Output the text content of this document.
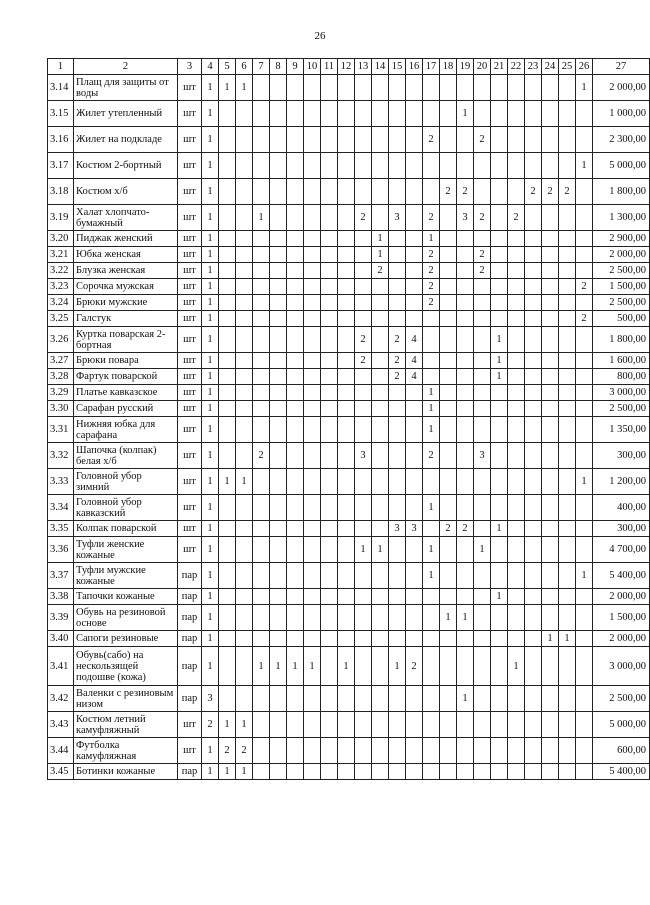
26
1	2	3	4	5	6	7	8	9	10	11	12	13	14	15	16	17	18	19	20	21	22	23	24	25	26	27
3.14	Плащ для защиты от воды	шт	1	1	1																				1	2 000,00
3.15	Жилет утепленный	шт	1															1								1 000,00
3.16	Жилет на подкладе	шт	1													2			2							2 300,00
3.17	Костюм 2-бортный	шт	1																						1	5 000,00
3.18	Костюм х/б	шт	1														2	2				2	2	2		1 800,00
3.19	Халат хлопчато-бумажный	шт	1			1						2		3		2		3	2		2					1 300,00
3.20	Пиджак женский	шт	1										1			1										2 900,00
3.21	Юбка женская	шт	1										1			2			2							2 000,00
3.22	Блузка женская	шт	1										2			2			2							2 500,00
3.23	Сорочка мужская	шт	1													2									2	1 500,00
3.24	Брюки мужские	шт	1													2										2 500,00
3.25	Галстук	шт	1																						2	500,00
3.26	Куртка поварская 2-бортная	шт	1									2		2	4					1						1 800,00
3.27	Брюки повара	шт	1									2		2	4					1						1 600,00
3.28	Фартук поварской	шт	1											2	4					1						800,00
3.29	Платье кавказское	шт	1													1										3 000,00
3.30	Сарафан русский	шт	1													1										2 500,00
3.31	Нижняя юбка для сарафана	шт	1													1										1 350,00
3.32	Шапочка (колпак) белая х/б	шт	1			2						3				2			3							300,00
3.33	Головной убор зимний	шт	1	1	1																				1	1 200,00
3.34	Головной убор кавказский	шт	1													1										400,00
3.35	Колпак поварской	шт	1											3	3		2	2		1						300,00
3.36	Туфли женские кожаные	шт	1									1	1			1			1							4 700,00
3.37	Туфли мужские кожаные	пар	1													1									1	5 400,00
3.38	Тапочки кожаные	пар	1																	1						2 000,00
3.39	Обувь на резиновой основе	пар	1														1	1								1 500,00
3.40	Сапоги резиновые	пар	1																				1	1		2 000,00
3.41	Обувь(сабо) на нескользящей подошве (кожа)	пар	1			1	1	1	1		1			1	2						1					3 000,00
3.42	Валенки с резиновым низом	пар	3															1								2 500,00
3.43	Костюм летний камуфляжный	шт	2	1	1																					5 000,00
3.44	Футболка камуфляжная	шт	1	2	2																					600,00
3.45	Ботинки кожаные	пар	1	1	1																					5 400,00
